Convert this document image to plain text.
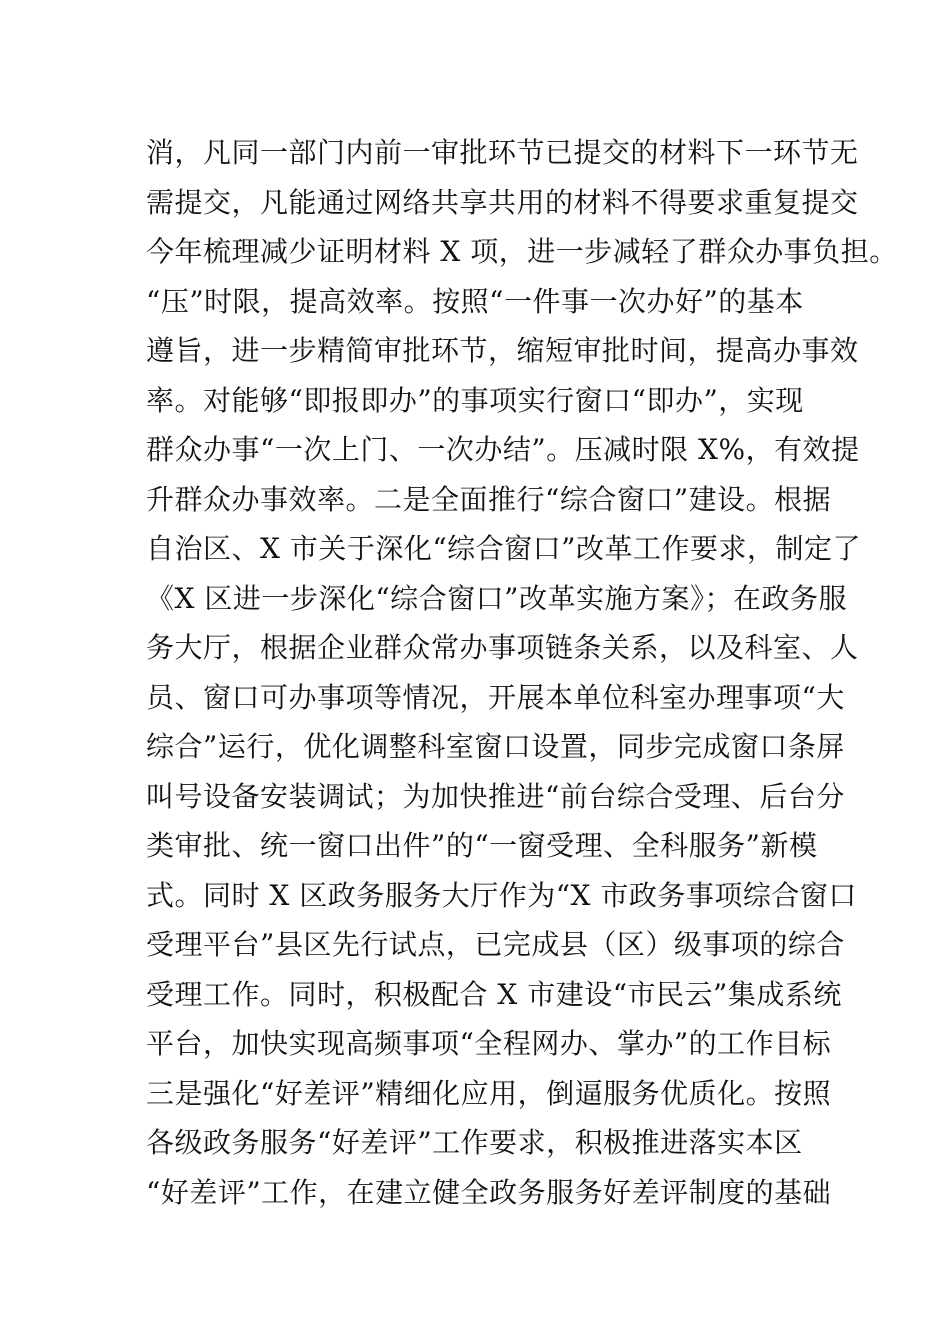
消，凡同一部门内前一审批环节已提交的材料下一环节无
需提交，凡能通过网络共享共用的材料不得要求重复提交
今年梳理减少证明材料 X 项，进一步减轻了群众办事负担。
“压”时限，提高效率。按照“一件事一次办好”的基本
遵旨，进一步精简审批环节，缩短审批时间，提高办事效
率。对能够“即报即办”的事项实行窗口“即办”，实现
群众办事“一次上门、一次办结”。压减时限 X%，有效提
升群众办事效率。二是全面推行“综合窗口”建设。根据
自治区、X 市关于深化“综合窗口”改革工作要求，制定了
《X 区进一步深化“综合窗口”改革实施方案》；在政务服
务大厅，根据企业群众常办事项链条关系，以及科室、人
员、窗口可办事项等情况，开展本单位科室办理事项“大
综合”运行，优化调整科室窗口设置，同步完成窗口条屏
叫号设备安装调试；为加快推进“前台综合受理、后台分
类审批、统一窗口出件”的“一窗受理、全科服务”新模
式。同时 X 区政务服务大厅作为“X 市政务事项综合窗口
受理平台”县区先行试点，已完成县（区）级事项的综合
受理工作。同时，积极配合 X 市建设“市民云”集成系统
平台，加快实现高频事项“全程网办、掌办”的工作目标
三是强化“好差评”精细化应用，倒逼服务优质化。按照
各级政务服务“好差评”工作要求，积极推进落实本区
“好差评”工作，在建立健全政务服务好差评制度的基础
